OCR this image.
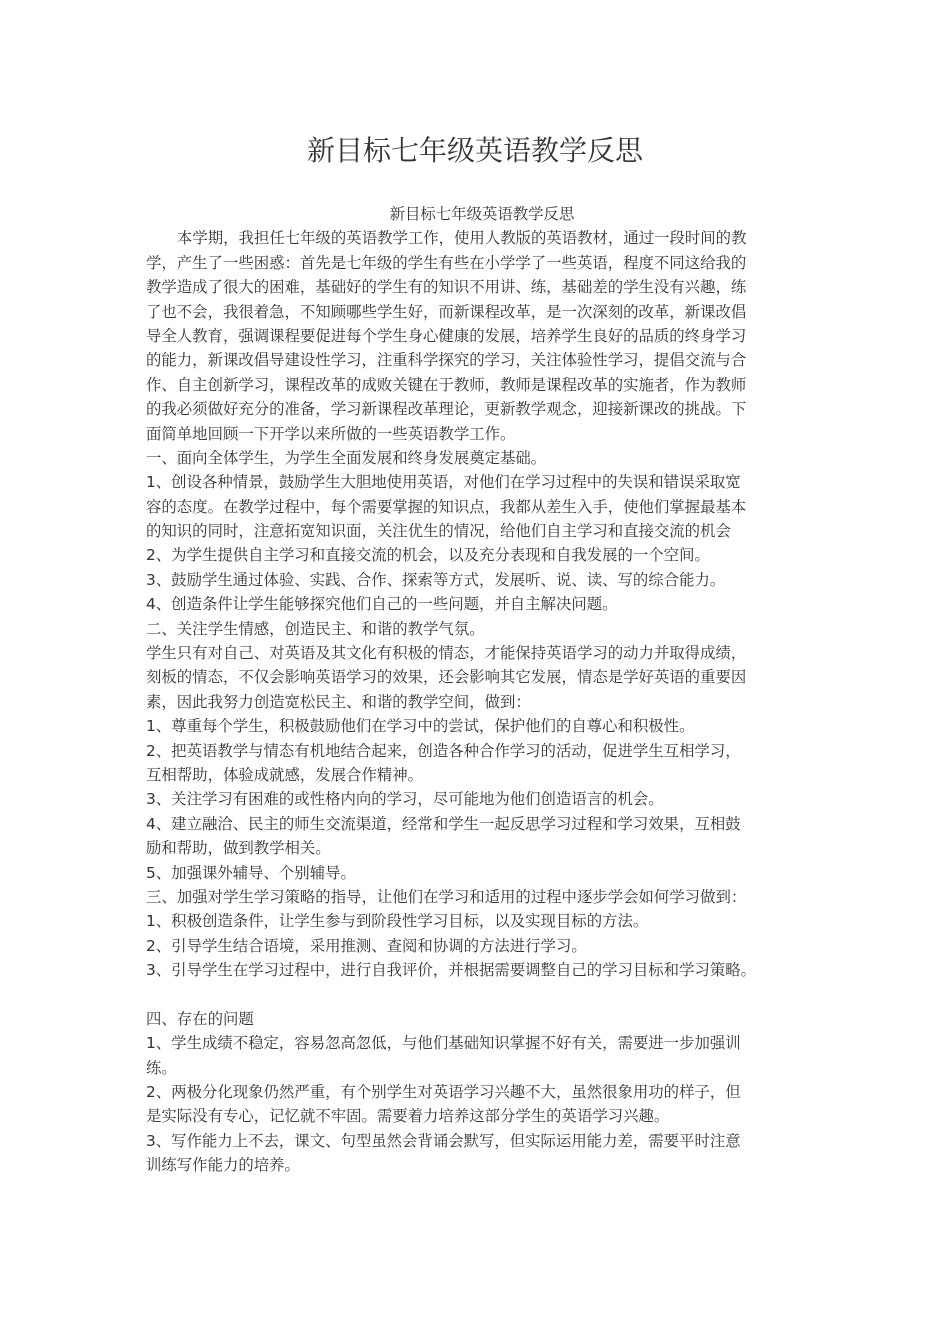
新目标七年级英语教学反思
新目标七年级英语教学反思
本学期，我担任七年级的英语教学工作，使用人教版的英语教材，通过一段时间的教
学，产生了一些困惑：首先是七年级的学生有些在小学学了一些英语，程度不同这给我的
教学造成了很大的困难，基础好的学生有的知识不用讲、练，基础差的学生没有兴趣，练
了也不会，我很着急，不知顾哪些学生好，而新课程改革，是一次深刻的改革，新课改倡
导全人教育，强调课程要促进每个学生身心健康的发展，培养学生良好的品质的终身学习
的能力，新课改倡导建设性学习，注重科学探究的学习，关注体验性学习，提倡交流与合
作、自主创新学习，课程改革的成败关键在于教师，教师是课程改革的实施者，作为教师
的我必须做好充分的准备，学习新课程改革理论，更新教学观念，迎接新课改的挑战。下
面简单地回顾一下开学以来所做的一些英语教学工作。
一、面向全体学生，为学生全面发展和终身发展奠定基础。
1、创设各种情景，鼓励学生大胆地使用英语，对他们在学习过程中的失误和错误采取宽
容的态度。在教学过程中，每个需要掌握的知识点，我都从差生入手，使他们掌握最基本
的知识的同时，注意拓宽知识面，关注优生的情况，给他们自主学习和直接交流的机会
2、为学生提供自主学习和直接交流的机会，以及充分表现和自我发展的一个空间。
3、鼓励学生通过体验、实践、合作、探索等方式，发展听、说、读、写的综合能力。
4、创造条件让学生能够探究他们自己的一些问题，并自主解决问题。
二、关注学生情感，创造民主、和谐的教学气氛。
学生只有对自己、对英语及其文化有积极的情态，才能保持英语学习的动力并取得成绩，
刻板的情态，不仅会影响英语学习的效果，还会影响其它发展，情态是学好英语的重要因
素，因此我努力创造宽松民主、和谐的教学空间，做到：
1、尊重每个学生，积极鼓励他们在学习中的尝试，保护他们的自尊心和积极性。
2、把英语教学与情态有机地结合起来，创造各种合作学习的活动，促进学生互相学习，
互相帮助，体验成就感，发展合作精神。
3、关注学习有困难的或性格内向的学习，尽可能地为他们创造语言的机会。
4、建立融洽、民主的师生交流渠道，经常和学生一起反思学习过程和学习效果，互相鼓
励和帮助，做到教学相关。
5、加强课外辅导、个别辅导。
三、加强对学生学习策略的指导，让他们在学习和适用的过程中逐步学会如何学习做到：
1、积极创造条件，让学生参与到阶段性学习目标，以及实现目标的方法。
2、引导学生结合语境，采用推测、查阅和协调的方法进行学习。
3、引导学生在学习过程中，进行自我评价，并根据需要调整自己的学习目标和学习策略。
四、存在的问题
1、学生成绩不稳定，容易忽高忽低，与他们基础知识掌握不好有关，需要进一步加强训
练。
2、两极分化现象仍然严重，有个别学生对英语学习兴趣不大，虽然很象用功的样子，但
是实际没有专心，记忆就不牢固。需要着力培养这部分学生的英语学习兴趣。
3、写作能力上不去，课文、句型虽然会背诵会默写，但实际运用能力差，需要平时注意
训练写作能力的培养。
